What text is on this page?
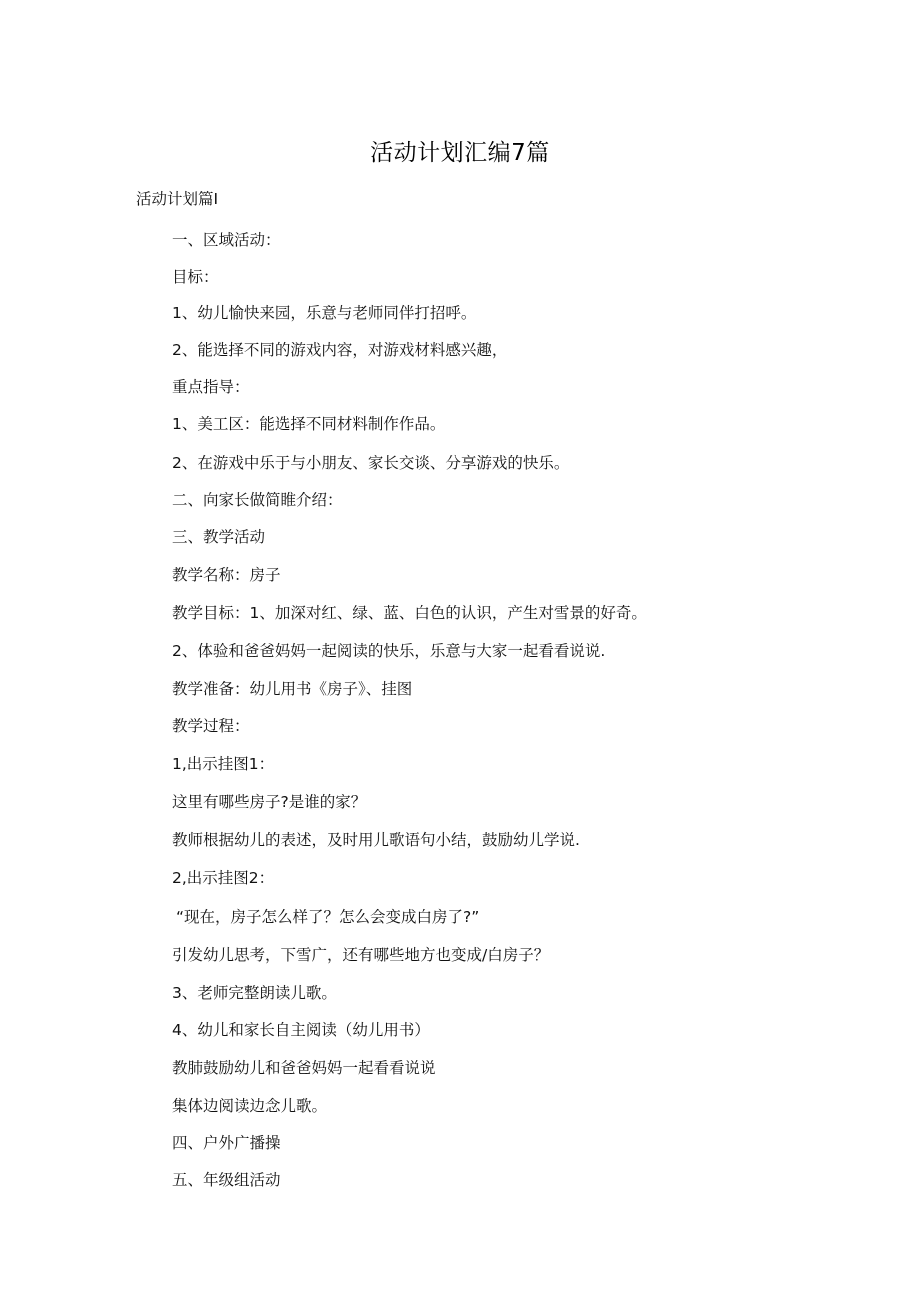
活动计划汇编7篇
活动计划篇I
一、区域活动：
目标：
1、幼儿愉快来园，乐意与老师同伴打招呼。
2、能选择不同的游戏内容，对游戏材料感兴趣，
重点指导：
1、美工区：能选择不同材料制作作品。
2、在游戏中乐于与小朋友、家长交谈、分享游戏的快乐。
二、向家长做简睢介绍：
三、教学活动
教学名称：房子
教学目标：1、加深对红、绿、蓝、白色的认识，产生对雪景的好奇。
2、体验和爸爸妈妈一起阅读的快乐，乐意与大家一起看看说说.
教学准备：幼儿用书《房子》、挂图
教学过程：
1,出示挂图1：
这里有哪些房子?是谁的家？
教师根据幼儿的表述，及时用儿歌语句小结，鼓励幼儿学说.
2,出示挂图2：
“现在，房子怎么样了？怎么会变成白房了?”
引发幼儿思考，下雪广，还有哪些地方也变成/白房子？
3、老师完整朗读儿歌。
4、幼儿和家长自主阅读（幼儿用书）
教肺鼓励幼儿和爸爸妈妈一起看看说说
集体边阅读边念儿歌。
四、户外广播操
五、年级组活动
